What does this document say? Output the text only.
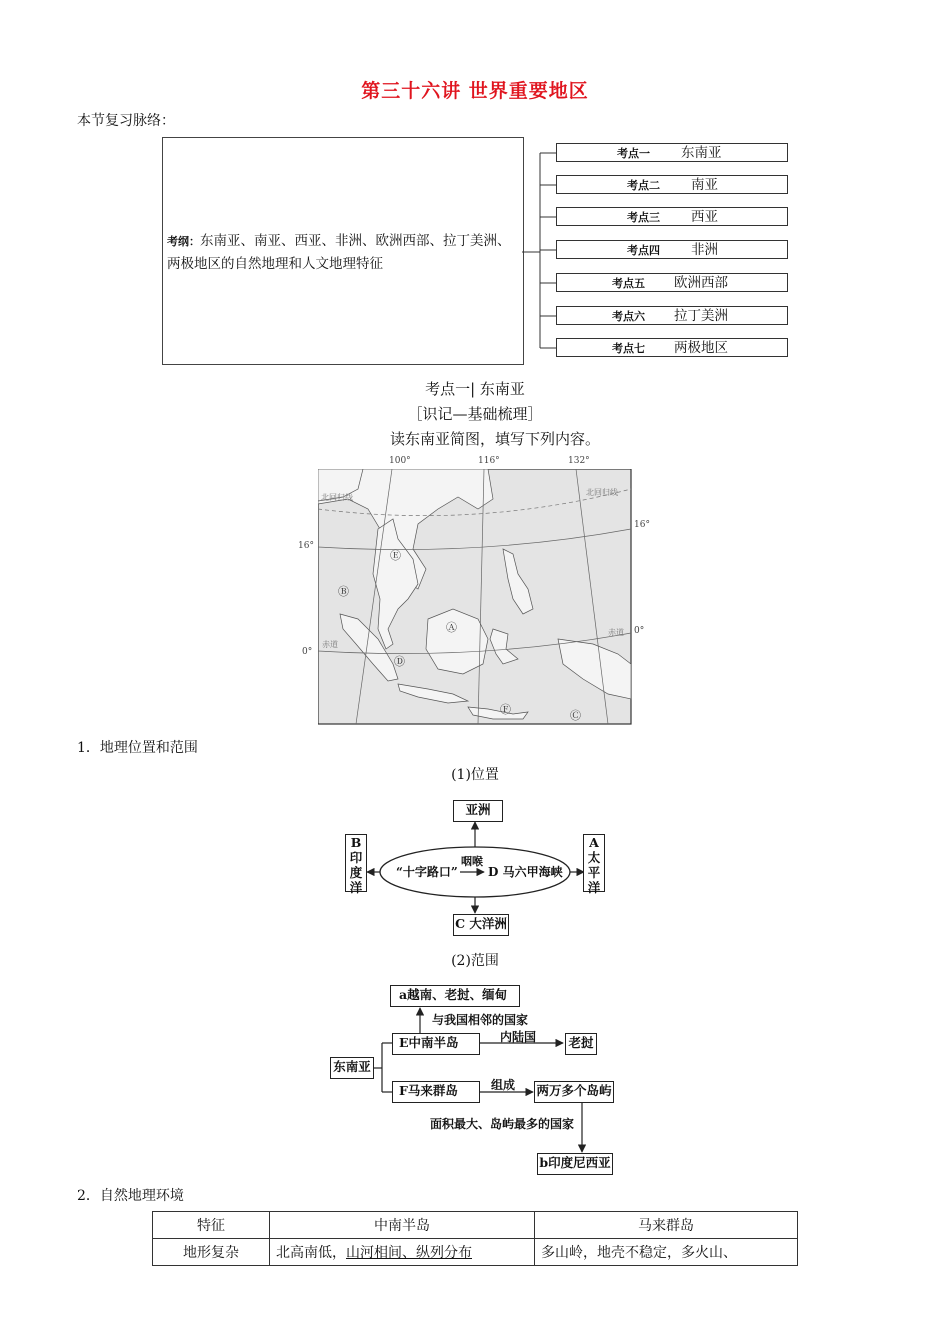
第三十六讲 世界重要地区
本节复习脉络：
考纲：东南亚、南亚、西亚、非洲、欧洲西部、拉丁美洲、两极地区的自然地理和人文地理特征
考点一 东南亚
考点二 南亚
考点三 西亚
考点四 非洲
考点五 欧洲西部
考点六 拉丁美洲
考点七 两极地区
考点一| 东南亚
［识记—基础梳理］
读东南亚简图，填写下列内容。
100°	116°	132°
16°
16°
0°
0°
Ⓐ
Ⓑ
Ⓒ
Ⓓ
Ⓔ
Ⓕ
北回归线
北回归线
赤道
赤道
1．地理位置和范围
(1)位置
亚洲
B
印
度
洋
A
太
平
洋
C 大洋洲
“十字路口”
咽喉
D 马六甲海峡
(2)范围
a越南、老挝、缅甸
与我国相邻的国家
东南亚
E中南半岛	内陆国	老挝
F马来群岛	组成 两万多个岛屿
面积最大、岛屿最多的国家
b印度尼西亚
2．自然地理环境
特征	中南半岛	马来群岛
地形复杂	北高南低，山河相间、纵列分布	多山岭，地壳不稳定，多火山、
